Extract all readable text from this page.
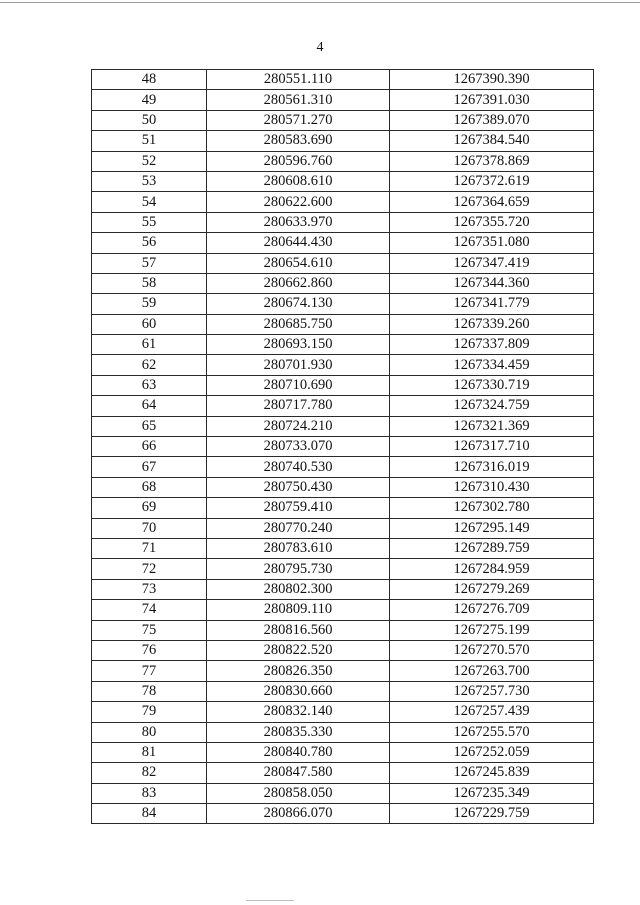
4
48	280551.110	1267390.390
49	280561.310	1267391.030
50	280571.270	1267389.070
51	280583.690	1267384.540
52	280596.760	1267378.869
53	280608.610	1267372.619
54	280622.600	1267364.659
55	280633.970	1267355.720
56	280644.430	1267351.080
57	280654.610	1267347.419
58	280662.860	1267344.360
59	280674.130	1267341.779
60	280685.750	1267339.260
61	280693.150	1267337.809
62	280701.930	1267334.459
63	280710.690	1267330.719
64	280717.780	1267324.759
65	280724.210	1267321.369
66	280733.070	1267317.710
67	280740.530	1267316.019
68	280750.430	1267310.430
69	280759.410	1267302.780
70	280770.240	1267295.149
71	280783.610	1267289.759
72	280795.730	1267284.959
73	280802.300	1267279.269
74	280809.110	1267276.709
75	280816.560	1267275.199
76	280822.520	1267270.570
77	280826.350	1267263.700
78	280830.660	1267257.730
79	280832.140	1267257.439
80	280835.330	1267255.570
81	280840.780	1267252.059
82	280847.580	1267245.839
83	280858.050	1267235.349
84	280866.070	1267229.759
